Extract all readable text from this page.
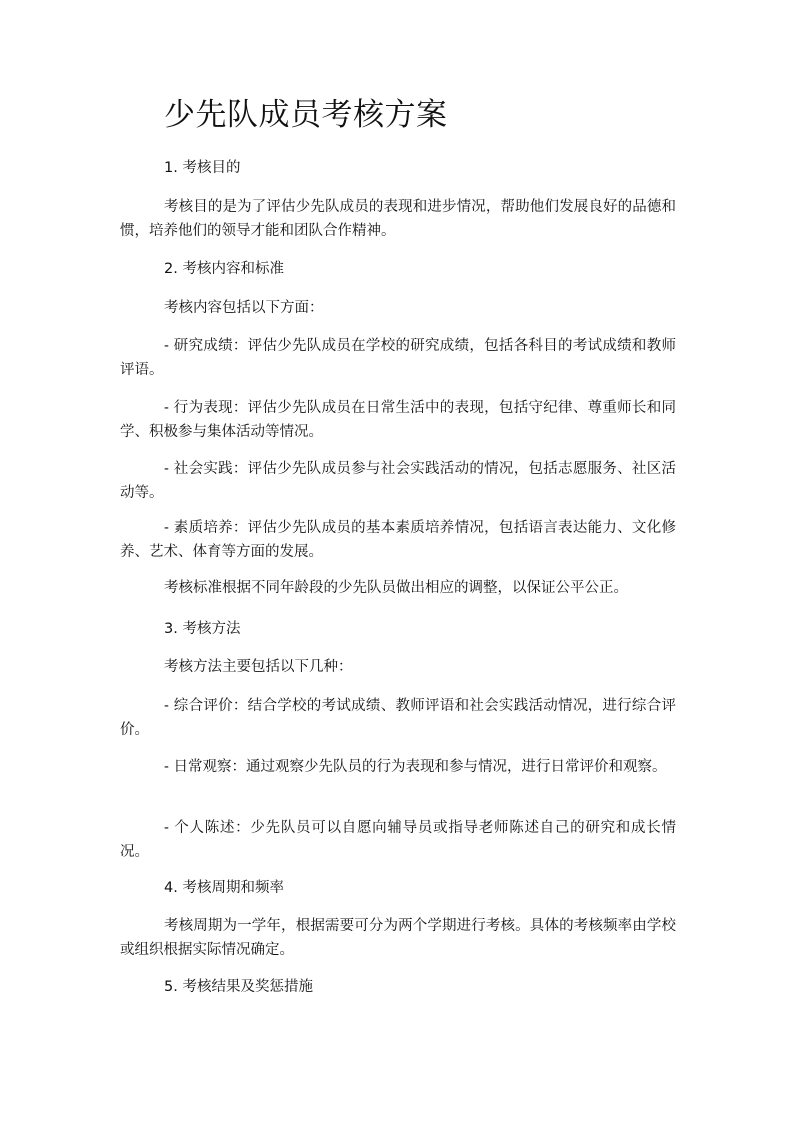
少先队成员考核方案

1. 考核目的

考核目的是为了评估少先队成员的表现和进步情况，帮助他们发展良好的品德和惯，培养他们的领导才能和团队合作精神。

2. 考核内容和标准

考核内容包括以下方面：

- 研究成绩：评估少先队成员在学校的研究成绩，包括各科目的考试成绩和教师评语。

- 行为表现：评估少先队成员在日常生活中的表现，包括守纪律、尊重师长和同学、积极参与集体活动等情况。

- 社会实践：评估少先队成员参与社会实践活动的情况，包括志愿服务、社区活动等。

- 素质培养：评估少先队成员的基本素质培养情况，包括语言表达能力、文化修养、艺术、体育等方面的发展。

考核标准根据不同年龄段的少先队员做出相应的调整，以保证公平公正。

3. 考核方法

考核方法主要包括以下几种：

- 综合评价：结合学校的考试成绩、教师评语和社会实践活动情况，进行综合评价。

- 日常观察：通过观察少先队员的行为表现和参与情况，进行日常评价和观察。

- 个人陈述：少先队员可以自愿向辅导员或指导老师陈述自己的研究和成长情况。

4. 考核周期和频率

考核周期为一学年，根据需要可分为两个学期进行考核。具体的考核频率由学校或组织根据实际情况确定。

5. 考核结果及奖惩措施
